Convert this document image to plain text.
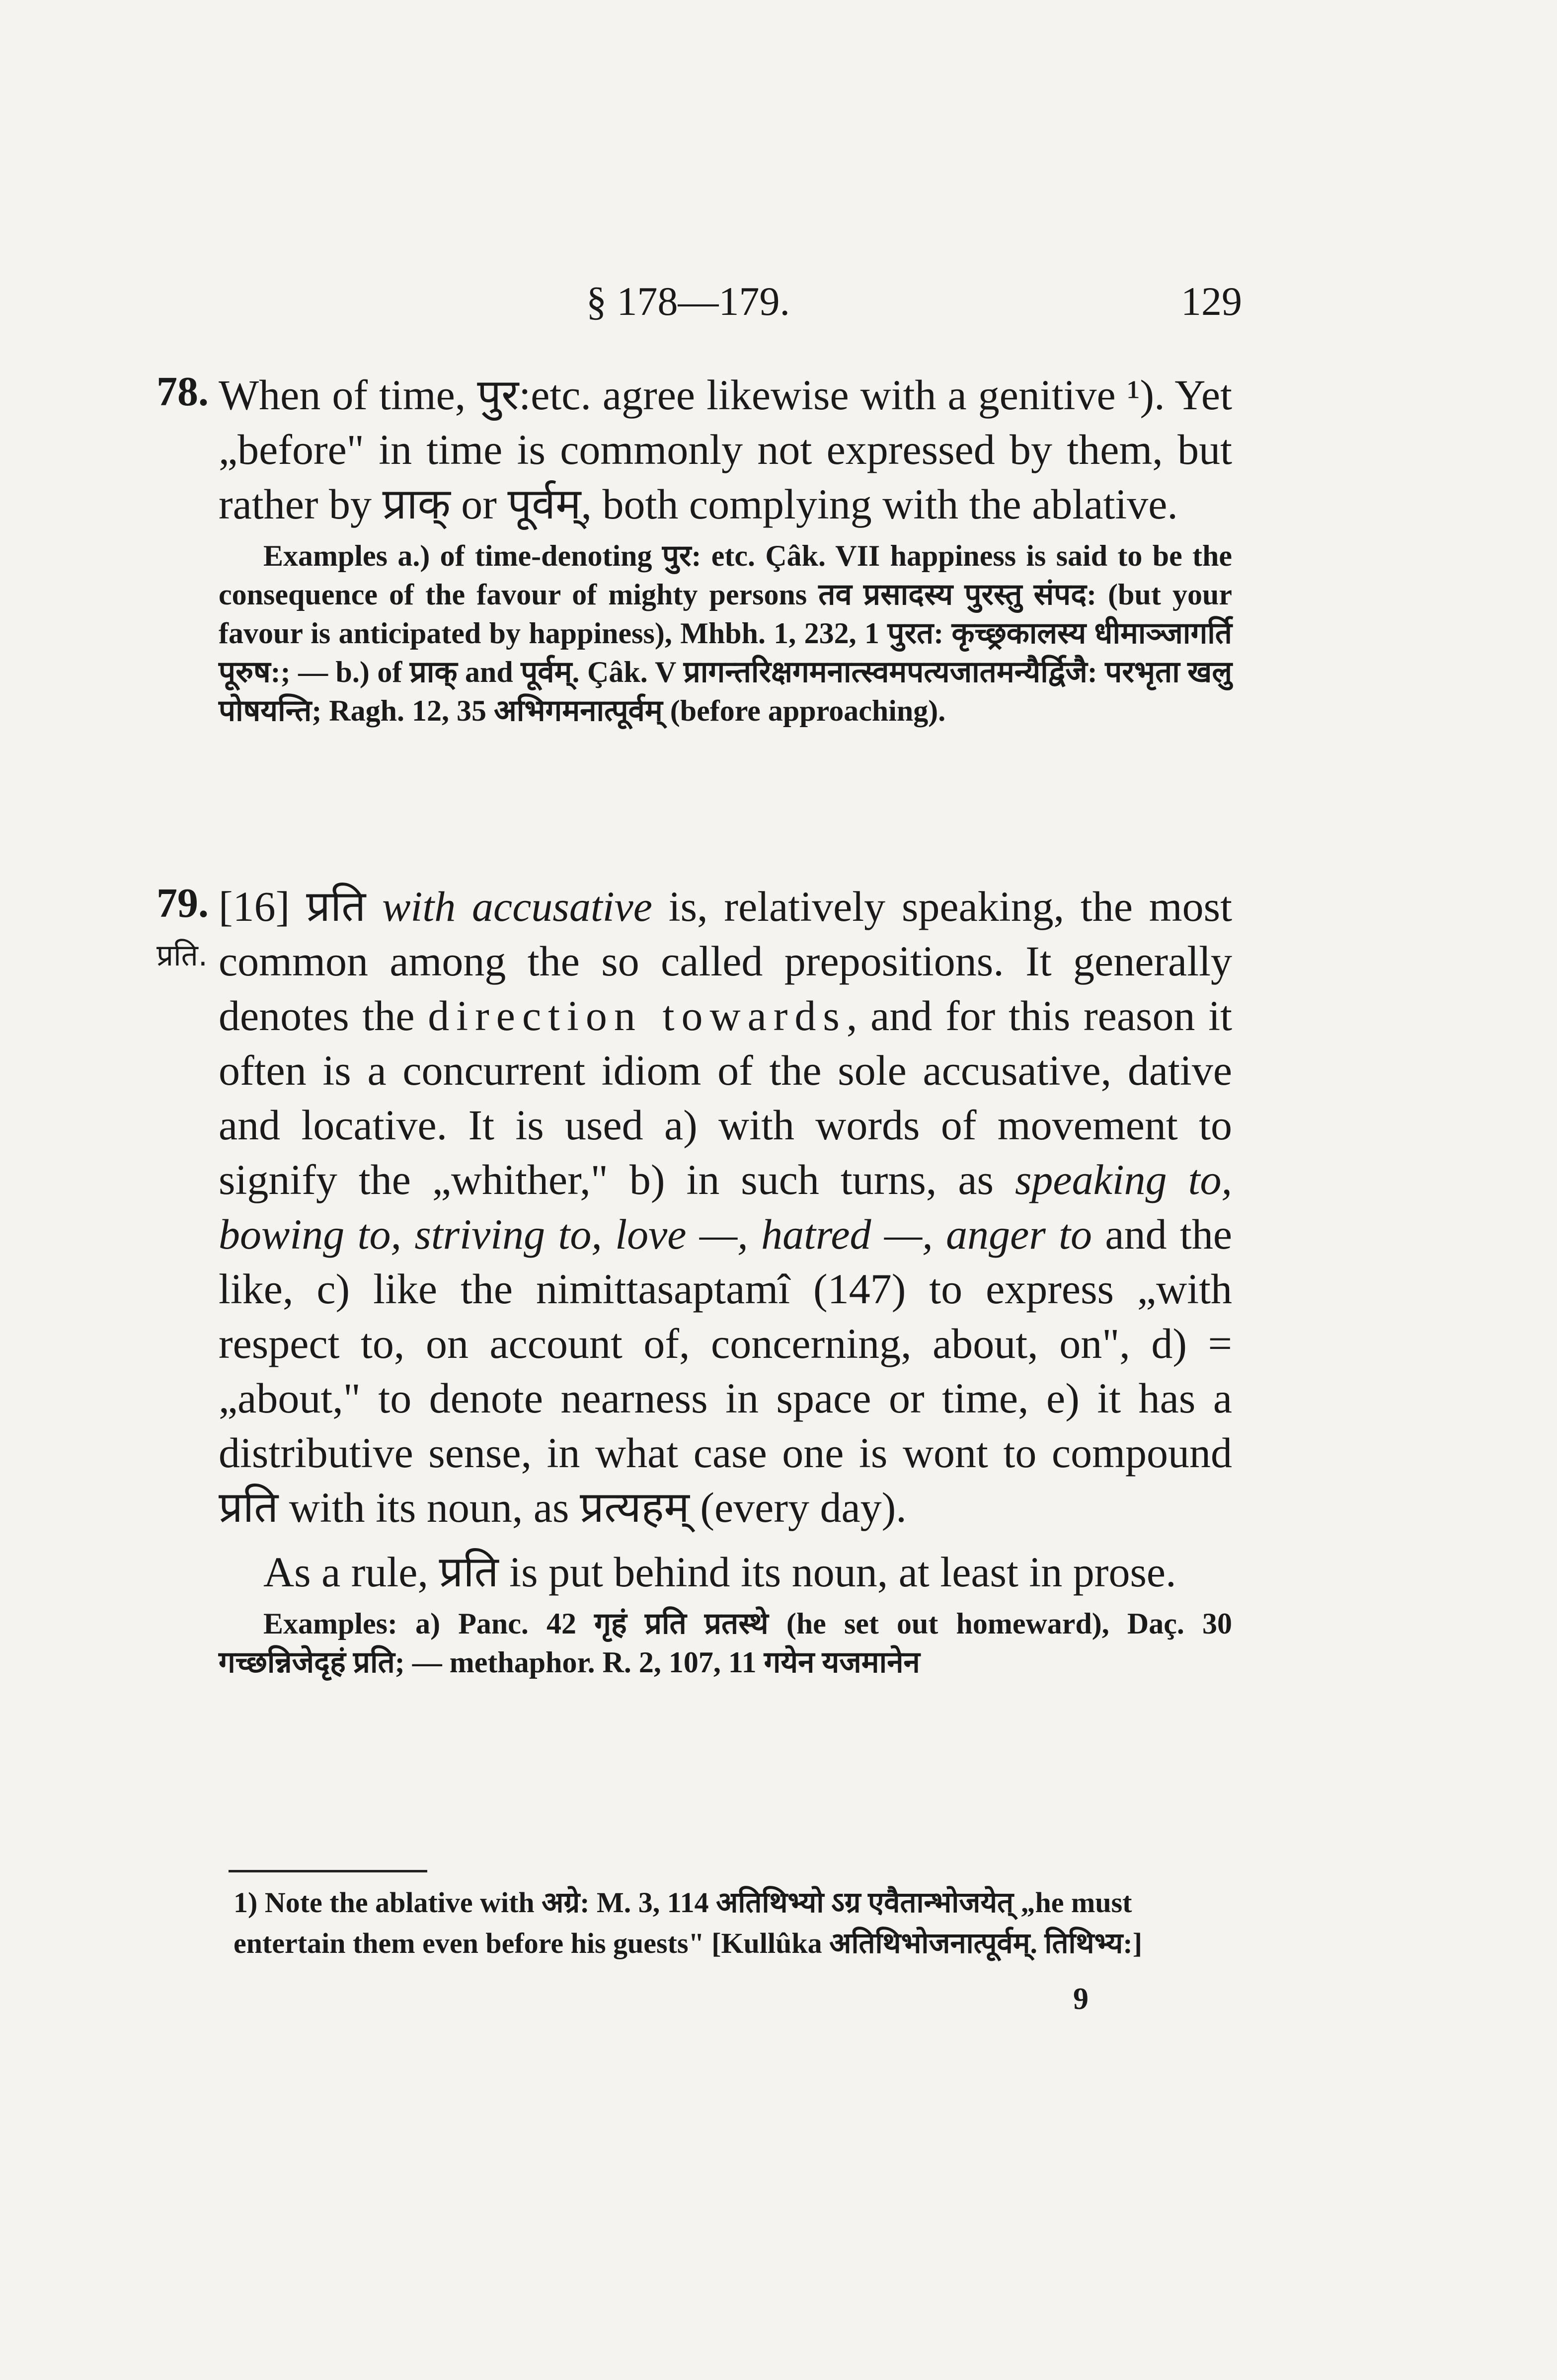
§ 178—179.	129
78. When of time, पुर:etc. agree likewise with a genitive ¹). Yet „before" in time is commonly not expressed by them, but rather by प्राक् or पूर्वम्, both complying with the ablative.

Examples a.) of time-denoting पुर: etc. Çâk. VII happiness is said to be the consequence of the favour of mighty persons तव प्रसादस्य पुरस्तु संपद: (but your favour is anticipated by happiness), Mhbh. 1, 232, 1 पुरत: कृच्छ्रकालस्य धीमाञ्जागर्ति पूरुष:; — b.) of प्राक् and पूर्वम्. Çâk. V प्रागन्तरिक्षगमनात्स्वमपत्यजातमन्यैर्द्विजै: परभृता खलु पोषयन्ति; Ragh. 12, 35 अभिगमनात्पूर्वम् (before approaching).

79.
प्रति.

[16] प्रति with accusative is, relatively speaking, the most common among the so called prepositions. It generally denotes the direction towards, and for this reason it often is a concurrent idiom of the sole accusative, dative and locative. It is used a) with words of movement to signify the „whither," b) in such turns, as speaking to, bowing to, striving to, love —, hatred —, anger to and the like, c) like the nimittasaptamî (147) to express „with respect to, on account of, concerning, about, on", d) = „about," to denote nearness in space or time, e) it has a distributive sense, in what case one is wont to compound प्रति with its noun, as प्रत्यहम् (every day).

As a rule, प्रति is put behind its noun, at least in prose.

Examples: a) Panc. 42 गृहं प्रति प्रतस्थे (he set out homeward), Daç. 30 गच्छन्निजेदृहं प्रति; — methaphor. R. 2, 107, 11 गयेन यजमानेन

1) Note the ablative with अग्रे: M. 3, 114 अतिथिभ्यो ऽग्र एवैतान्भोजयेत् „he must entertain them even before his guests" [Kullûka अतिथिभोजनात्पूर्वम्. तिथिभ्य:]
9
